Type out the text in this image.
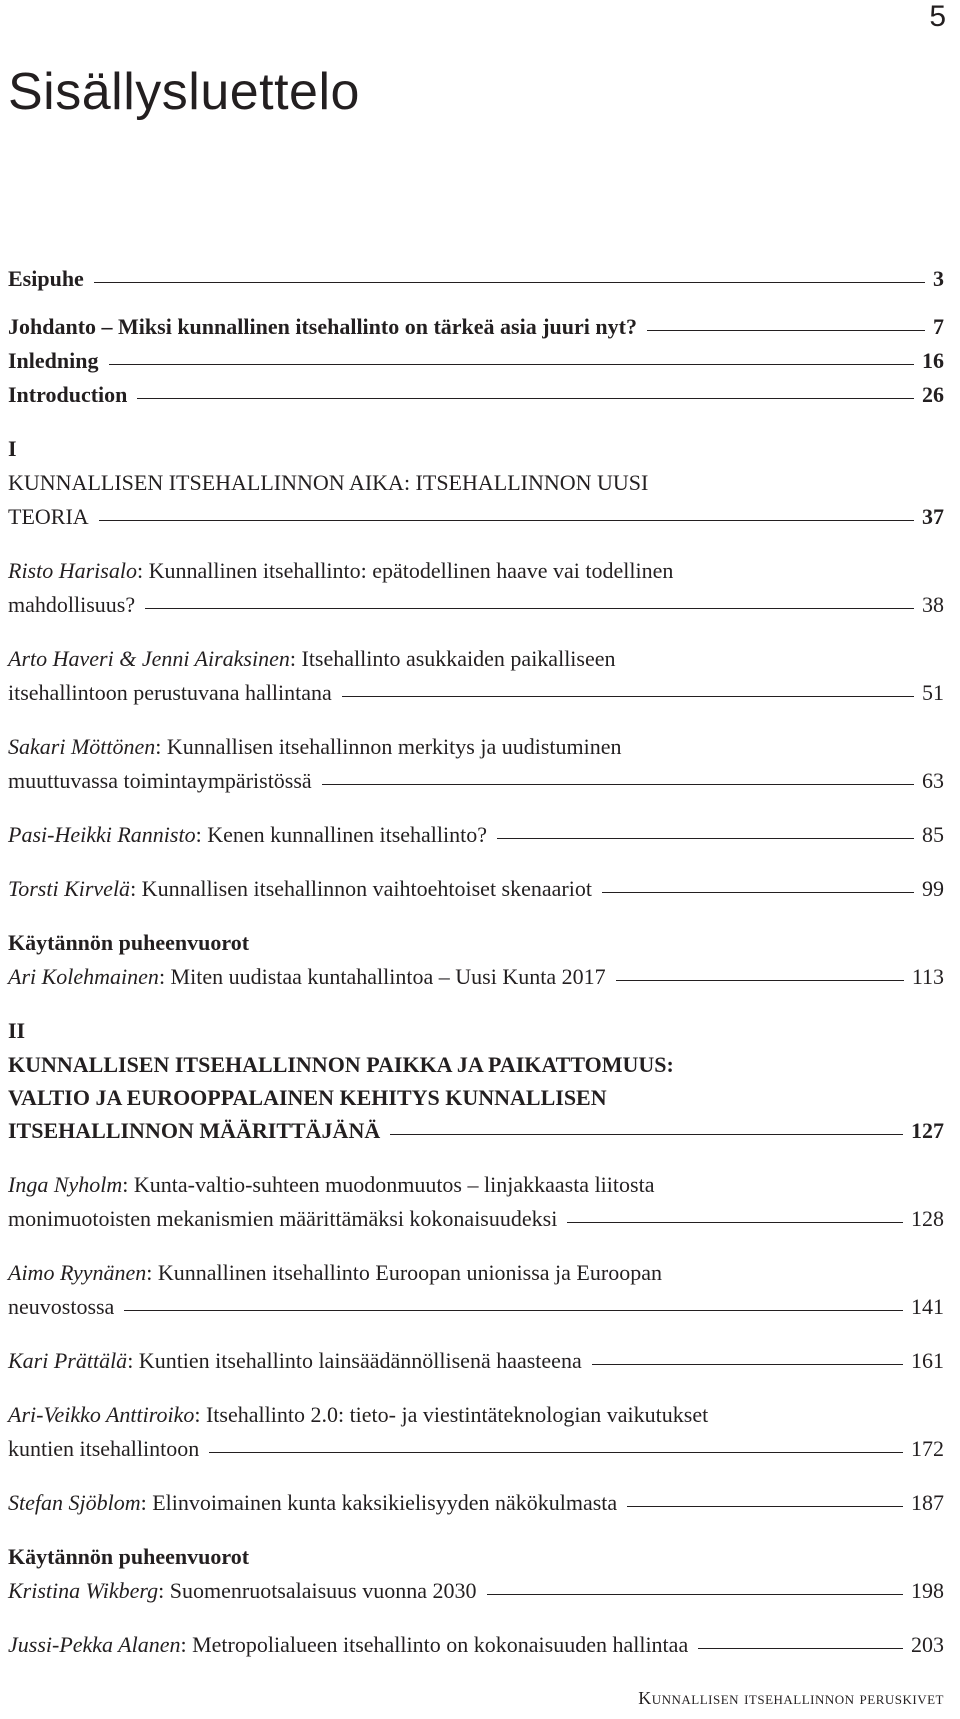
5
Sisällysluettelo
Esipuhe	3
Johdanto – Miksi kunnallinen itsehallinto on tärkeä asia juuri nyt?	7
Inledning	16
Introduction	26
I
KUNNALLISEN ITSEHALLINNON AIKA: ITSEHALLINNON UUSI
TEORIA	37
Risto Harisalo: Kunnallinen itsehallinto: epätodellinen haave vai todellinen
mahdollisuus?	38
Arto Haveri & Jenni Airaksinen: Itsehallinto asukkaiden paikalliseen
itsehallintoon perustuvana hallintana	51
Sakari Möttönen: Kunnallisen itsehallinnon merkitys ja uudistuminen
muuttuvassa toimintaympäristössä	63
Pasi-Heikki Rannisto: Kenen kunnallinen itsehallinto?	85
Torsti Kirvelä: Kunnallisen itsehallinnon vaihtoehtoiset skenaariot	99
Käytännön puheenvuorot
Ari Kolehmainen: Miten uudistaa kuntahallintoa – Uusi Kunta 2017	113
II
KUNNALLISEN ITSEHALLINNON PAIKKA JA PAIKATTOMUUS:
VALTIO JA EUROOPPALAINEN KEHITYS KUNNALLISEN
ITSEHALLINNON MÄÄRITTÄJÄNÄ	127
Inga Nyholm: Kunta-valtio-suhteen muodonmuutos – linjakkaasta liitosta
monimuotoisten mekanismien määrittämäksi kokonaisuudeksi	128
Aimo Ryynänen: Kunnallinen itsehallinto Euroopan unionissa ja Euroopan
neuvostossa	141
Kari Prättälä: Kuntien itsehallinto lainsäädännöllisenä haasteena	161
Ari-Veikko Anttiroiko: Itsehallinto 2.0: tieto- ja viestintäteknologian vaikutukset
kuntien itsehallintoon	172
Stefan Sjöblom: Elinvoimainen kunta kaksikielisyyden näkökulmasta	187
Käytännön puheenvuorot
Kristina Wikberg: Suomenruotsalaisuus vuonna 2030	198
Jussi-Pekka Alanen: Metropolialueen itsehallinto on kokonaisuuden hallintaa	203
Kunnallisen itsehallinnon peruskivet
